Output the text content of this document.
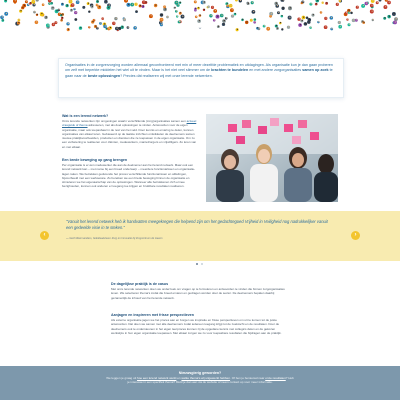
⌄

Organisaties in de zorgverzorging worden allemaal geconfronteerd met min of meer dezelfde problematiek en uitdagingen. Als organisatie kun je dan gaan proberen om zelf met beperkte middelen het wiel uit te vinden. Maar is het niet veel slimmer om de krachten te bundelen en met andere zorgorganisaties samen op zoek te gaan naar de beste oplossingen? Precies dát realiseren wij met onze lerende netwerken.

Wat is een lerend netwerk?

Onze lerende netwerken zijn omgevingen waarin verschillende (zorg)organisaties samen een actueel vraagstuk of thema adresseren, met als doel oplossingen te vinden. Antwoorden voor de eigen organisatie, maar ook toepasbaar in de rest van het veld. Door kennis en ervaring te delen, kunnen organisaties van elkaar leren. Gebaseerd op de laatste inzichten ontwikkelen de deelnemers samen nieuwe praktijkvoorbeelden, producten en diensten die ze toepassen in de eigen organisatie. Om zo een verbetering te realiseren voor cliënten, medewerkers, mantelzorgers en vrijwilligers. Zo leren van en met elkaar.

Een brede beweging op gang brengen

Per organisatie is er één medewerker die aan de deelnemer aan het lerend netwerk. Maar ook een lerend netwerk kan – met name bij een breed onderwerp – meerdere functionarissen en organisatie-lagen raken. We betrekken gedurende het proces verschillende functionarissen en afdelingen, bijvoorbeeld met een werksessie. Zo bereiken we een brede beweging binnen de organisatie en stimuleren we het eigenaarschap van de oplossingen. Wanneer alle betrokkenen zich ermee bezighouden, kunnen ook anderen er toegang toe krijgen en bruikbare resultaten realiseren.

‹	›

“Vanuit het lerend netwerk heb ik handvatten meegekregen die helpend zijn om het gedachtegoed Vrijheid in Veiligheid nog nadrukkelijker vanuit een gedeelde visie in te steken.”

— Gerli Meermanders, beleidsadviseur Zorg en Innovatie bij Zorgcentrum de Haven

De dagelijkse praktijk is de casus

Met onze lerende netwerken doen we onderzoek om vragen op te formuleren en antwoorden te vinden die binnen zorgorganisaties leven. We selecteren thema's zodat die breed ervaren en gedragen worden door de sector. De deelnemers bepalen daarbij gezamenlijk de inhoud van het lerende netwerk.

Aanjagen en inspireren met frisse perspectieven

Als externe organisatie jagen we het proces aan en borgen we inspiratie en frisse perspectieven om uit te komen tot de juiste antwoorden. Dat doen we samen met alle deelnemers zodat iedereen toegang krijgt tot de zoektocht en de resultaten. Door de deelnemers ook te ondersteunen in het eigen leerproces kunnen zij de opgedane kennis met collega's delen en de gekozen werkwijze in hun eigen organisatie toepassen. Met elkaar zorgen we zo voor toepasbare resultaten die bijdragen aan de praktijk.

Nieuwsgierig geworden?

We leggen je graag uit hoe een lerend netwerk werkt en welke thema's wij uitgewerkt hebben. Of ben je benieuwd naar onze resultaten? Heb je interesse in een specifiek thema? Meld je dan aan via de website of neem contact op voor meer informatie.
